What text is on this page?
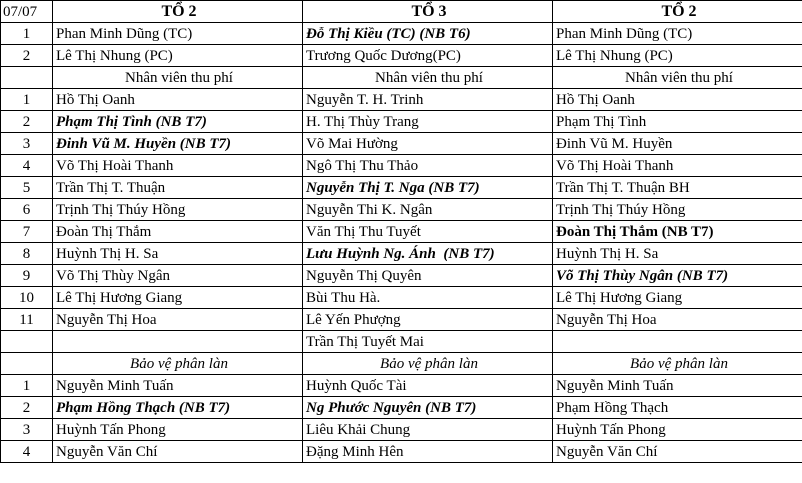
07/07	TỔ 2	TỔ 3	TỔ 2
1	Phan Minh Dũng (TC)	Đỗ Thị Kiều (TC) (NB T6)	Phan Minh Dũng (TC)
2	Lê Thị Nhung (PC)	Trương Quốc Dương(PC)	Lê Thị Nhung (PC)
	Nhân viên thu phí	Nhân viên thu phí	Nhân viên thu phí
1	Hồ Thị Oanh	Nguyễn T. H. Trinh	Hồ Thị Oanh
2	Phạm Thị Tình (NB T7)	H. Thị Thùy Trang	Phạm Thị Tình
3	Đinh Vũ M. Huyền (NB T7)	Võ Mai Hường	Đinh Vũ M. Huyền
4	Võ Thị Hoài Thanh	Ngô Thị Thu Thảo	Võ Thị Hoài Thanh
5	Trần Thị T. Thuận	Nguyễn Thị T. Nga (NB T7)	Trần Thị T. Thuận BH
6	Trịnh Thị Thúy Hồng	Nguyễn Thi K. Ngân	Trịnh Thị Thúy Hồng
7	Đoàn Thị Thắm	Văn Thị Thu Tuyết	Đoàn Thị Thắm (NB T7)
8	Huỳnh Thị H. Sa	Lưu Huỳnh Ng. Ánh  (NB T7)	Huỳnh Thị H. Sa
9	Võ Thị Thùy Ngân	Nguyễn Thị Quyên	Võ Thị Thùy Ngân (NB T7)
10	Lê Thị Hương Giang	Bùi Thu Hà.	Lê Thị Hương Giang
11	Nguyễn Thị Hoa	Lê Yến Phượng	Nguyễn Thị Hoa
		Trần Thị Tuyết Mai	
	Bảo vệ phân làn	Bảo vệ phân làn	Bảo vệ phân làn
1	Nguyễn Minh Tuấn	Huỳnh Quốc Tài	Nguyễn Minh Tuấn
2	Phạm Hồng Thạch (NB T7)	Ng Phước Nguyên (NB T7)	Phạm Hồng Thạch
3	Huỳnh Tấn Phong	Liêu Khải Chung	Huỳnh Tấn Phong
4	Nguyễn Văn Chí	Đặng Minh Hên	Nguyễn Văn Chí
